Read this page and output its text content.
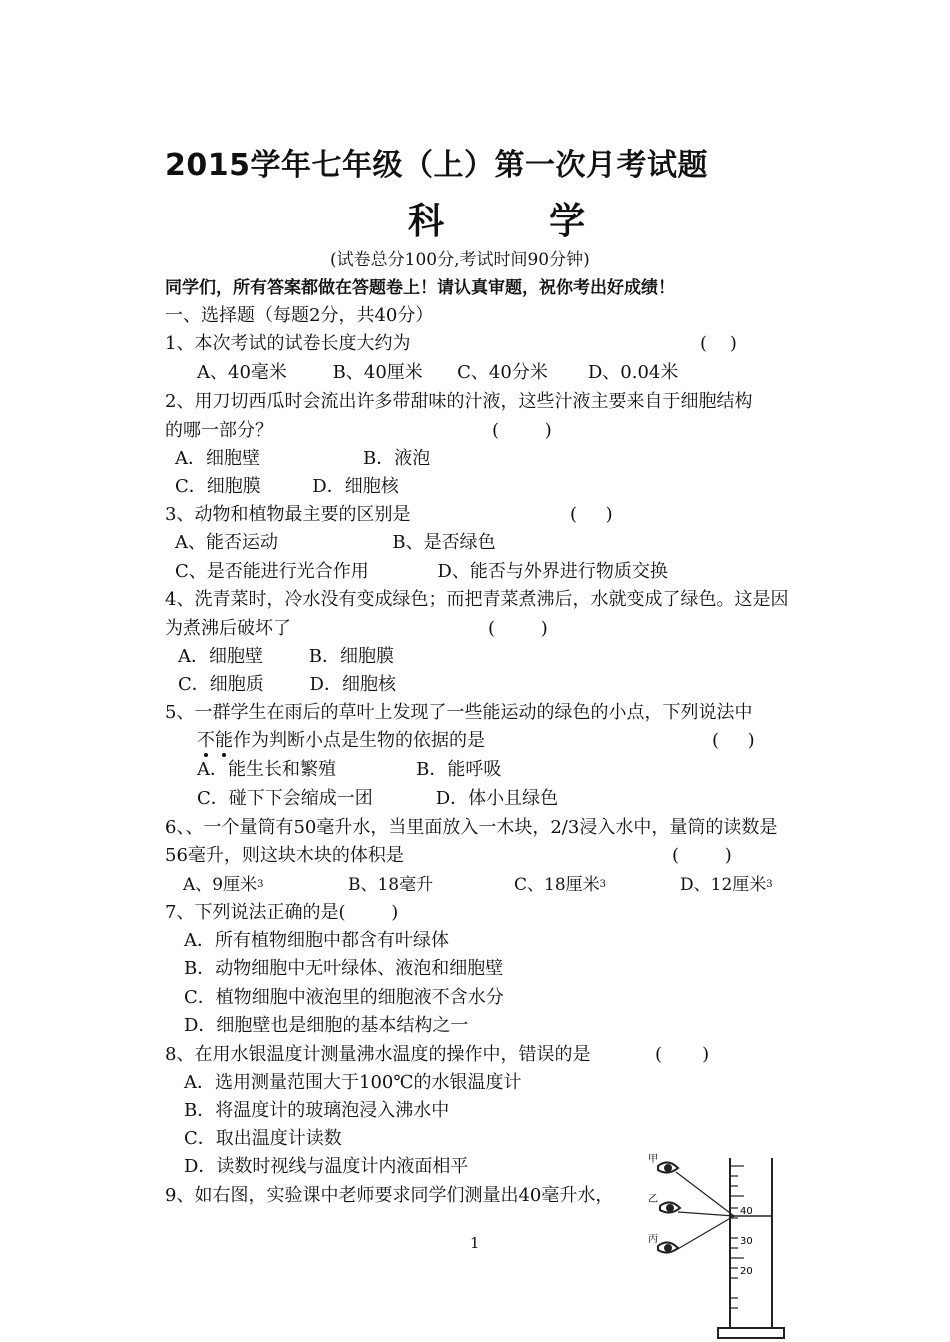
2015学年七年级（上）第一次月考试题
科  学
(试卷总分100分,考试时间90分钟)
同学们，所有答案都做在答题卷上！请认真审题，祝你考出好成绩！
一、选择题（每题2分，共40分）
1、本次考试的试卷长度大约为	(    )
A、40毫米        B、40厘米      C、40分米       D、0.04米
2、用刀切西瓜时会流出许多带甜味的汁液，这些汁液主要来自于细胞结构
的哪一部分？	(        )
A．细胞壁                  B．液泡
C．细胞膜         D．细胞核
3、动物和植物最主要的区别是	(     )
A、能否运动                    B、是否绿色
C、是否能进行光合作用            D、能否与外界进行物质交换
4、洗青菜时，冷水没有变成绿色；而把青菜煮沸后，水就变成了绿色。这是因
为煮沸后破坏了	(        )
A．细胞壁        B．细胞膜
C．细胞质        D．细胞核
5、一群学生在雨后的草叶上发现了一些能运动的绿色的小点，下列说法中
不能作为判断小点是生物的依据的是	(     )
A．能生长和繁殖              B．能呼吸
C．碰下下会缩成一团           D．体小且绿色
6、、一个量筒有50毫升水，当里面放入一木块，2/3浸入水中，量筒的读数是
56毫升，则这块木块的体积是	(        )
A、9厘米$^3$	B、18毫升	C、18厘米$^3$	D、12厘米$^3$
7、下列说法正确的是(        )
A．所有植物细胞中都含有叶绿体
B．动物细胞中无叶绿体、液泡和细胞壁
C．植物细胞中液泡里的细胞液不含水分
D．细胞壁也是细胞的基本结构之一
8、在用水银温度计测量沸水温度的操作中，错误的是	(       )
A．选用测量范围大于100℃的水银温度计
B．将温度计的玻璃泡浸入沸水中
C．取出温度计读数
D．读数时视线与温度计内液面相平
9、如右图，实验课中老师要求同学们测量出40毫升水，
40
30
20
甲
乙
丙
1
